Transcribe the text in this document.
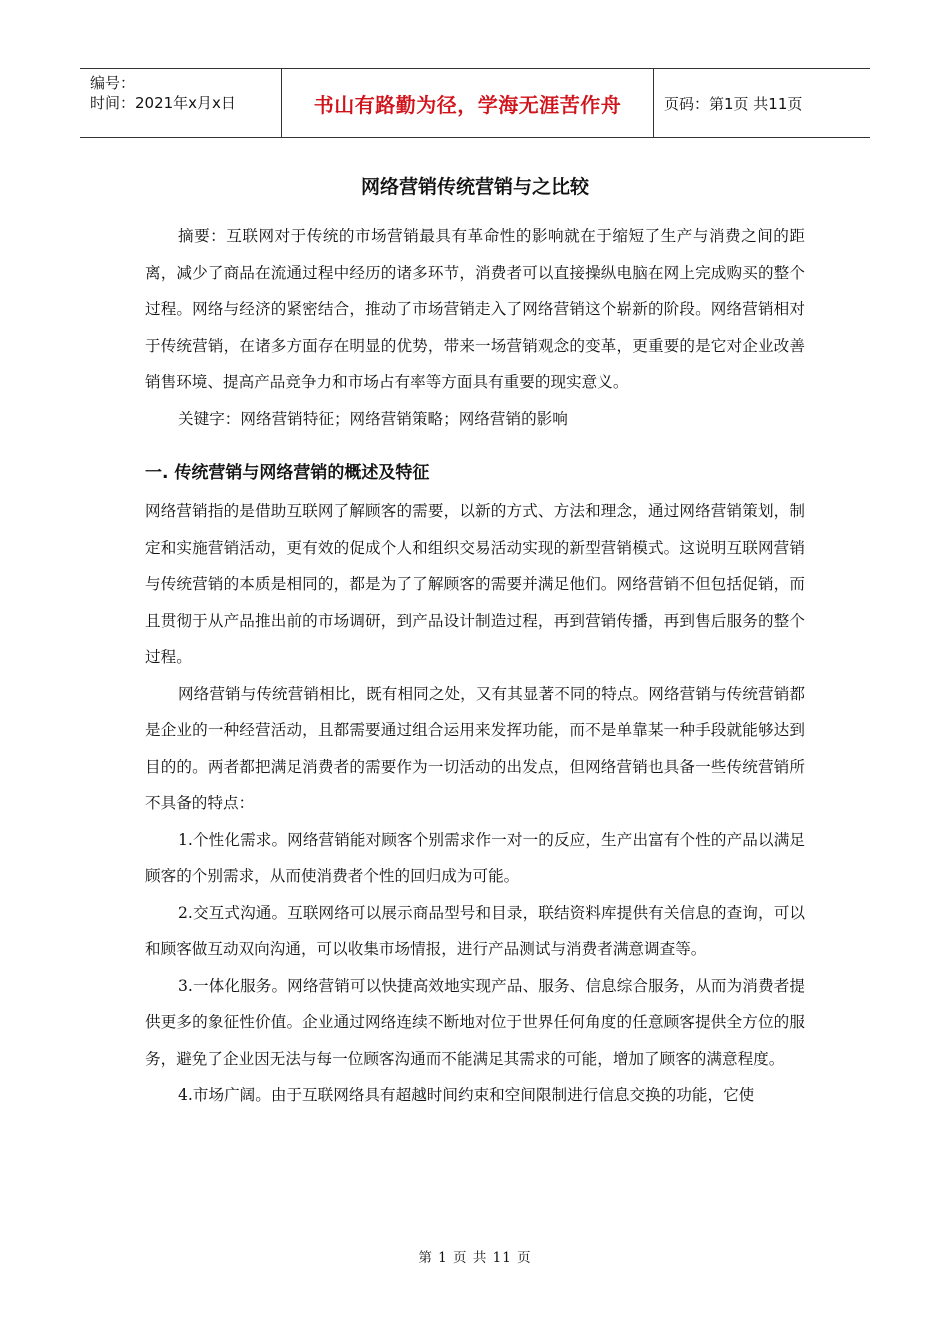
编号：
时间：2021年x月x日	书山有路勤为径，学海无涯苦作舟	页码：第1页 共11页
网络营销传统营销与之比较

摘要：互联网对于传统的市场营销最具有革命性的影响就在于缩短了生产与消费之间的距离，减少了商品在流通过程中经历的诸多环节，消费者可以直接操纵电脑在网上完成购买的整个过程。网络与经济的紧密结合，推动了市场营销走入了网络营销这个崭新的阶段。网络营销相对于传统营销，在诸多方面存在明显的优势，带来一场营销观念的变革，更重要的是它对企业改善销售环境、提高产品竞争力和市场占有率等方面具有重要的现实意义。

关键字：网络营销特征；网络营销策略；网络营销的影响

一. 传统营销与网络营销的概述及特征

网络营销指的是借助互联网了解顾客的需要，以新的方式、方法和理念，通过网络营销策划，制定和实施营销活动，更有效的促成个人和组织交易活动实现的新型营销模式。这说明互联网营销与传统营销的本质是相同的，都是为了了解顾客的需要并满足他们。网络营销不但包括促销，而且贯彻于从产品推出前的市场调研，到产品设计制造过程，再到营销传播，再到售后服务的整个过程。

网络营销与传统营销相比，既有相同之处，又有其显著不同的特点。网络营销与传统营销都是企业的一种经营活动，且都需要通过组合运用来发挥功能，而不是单靠某一种手段就能够达到目的的。两者都把满足消费者的需要作为一切活动的出发点，但网络营销也具备一些传统营销所不具备的特点：

1.个性化需求。网络营销能对顾客个别需求作一对一的反应，生产出富有个性的产品以满足顾客的个别需求，从而使消费者个性的回归成为可能。

2.交互式沟通。互联网络可以展示商品型号和目录，联结资料库提供有关信息的查询，可以和顾客做互动双向沟通，可以收集市场情报，进行产品测试与消费者满意调查等。

3.一体化服务。网络营销可以快捷高效地实现产品、服务、信息综合服务，从而为消费者提供更多的象征性价值。企业通过网络连续不断地对位于世界任何角度的任意顾客提供全方位的服务，避免了企业因无法与每一位顾客沟通而不能满足其需求的可能，增加了顾客的满意程度。

4.市场广阔。由于互联网络具有超越时间约束和空间限制进行信息交换的功能，它使

第 1 页 共 11 页
